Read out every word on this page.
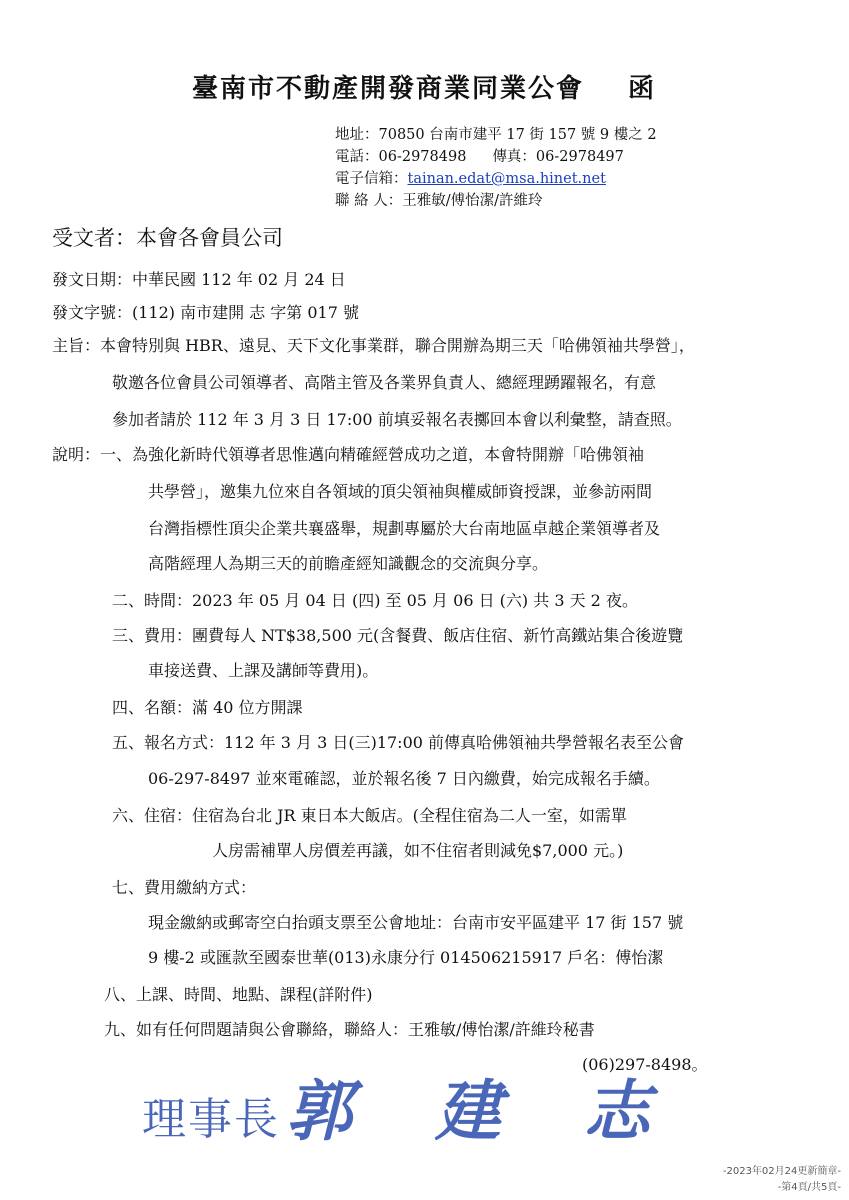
臺南市不動產開發商業同業公會 函
地址：70850 台南市建平 17 街 157 號 9 樓之 2
電話：06-2978498 傳真：06-2978497
電子信箱：tainan.edat@msa.hinet.net
聯 絡 人：王雅敏/傅怡潔/許維玲
受文者：本會各會員公司
發文日期：中華民國 112 年 02 月 24 日
發文字號：(112) 南市建開 志 字第 017 號
主旨：本會特別與 HBR、遠見、天下文化事業群，聯合開辦為期三天「哈佛領袖共學營」，
敬邀各位會員公司領導者、高階主管及各業界負責人、總經理踴躍報名，有意
參加者請於 112 年 3 月 3 日 17:00 前填妥報名表擲回本會以利彙整，請查照。
說明：一、為強化新時代領導者思惟邁向精確經營成功之道，本會特開辦「哈佛領袖
共學營」，邀集九位來自各領域的頂尖領袖與權威師資授課，並參訪兩間
台灣指標性頂尖企業共襄盛舉，規劃專屬於大台南地區卓越企業領導者及
高階經理人為期三天的前瞻產經知識觀念的交流與分享。
二、時間：2023 年 05 月 04 日 (四) 至 05 月 06 日 (六) 共 3 天 2 夜。
三、費用：團費每人 NT$38,500 元(含餐費、飯店住宿、新竹高鐵站集合後遊覽
車接送費、上課及講師等費用)。
四、名額：滿 40 位方開課
五、報名方式：112 年 3 月 3 日(三)17:00 前傳真哈佛領袖共學營報名表至公會
06-297-8497 並來電確認，並於報名後 7 日內繳費，始完成報名手續。
六、住宿：住宿為台北 JR 東日本大飯店。(全程住宿為二人一室，如需單
人房需補單人房價差再議，如不住宿者則減免$7,000 元。)
七、費用繳納方式：
現金繳納或郵寄空白抬頭支票至公會地址：台南市安平區建平 17 街 157 號
9 樓-2 或匯款至國泰世華(013)永康分行 014506215917 戶名：傅怡潔
八、上課、時間、地點、課程(詳附件)
九、如有任何問題請與公會聯絡，聯絡人：王雅敏/傅怡潔/許維玲秘書
(06)297-8498。
理事長郭 建 志
-2023年02月24更新簡章-
-第4頁/共5頁-
